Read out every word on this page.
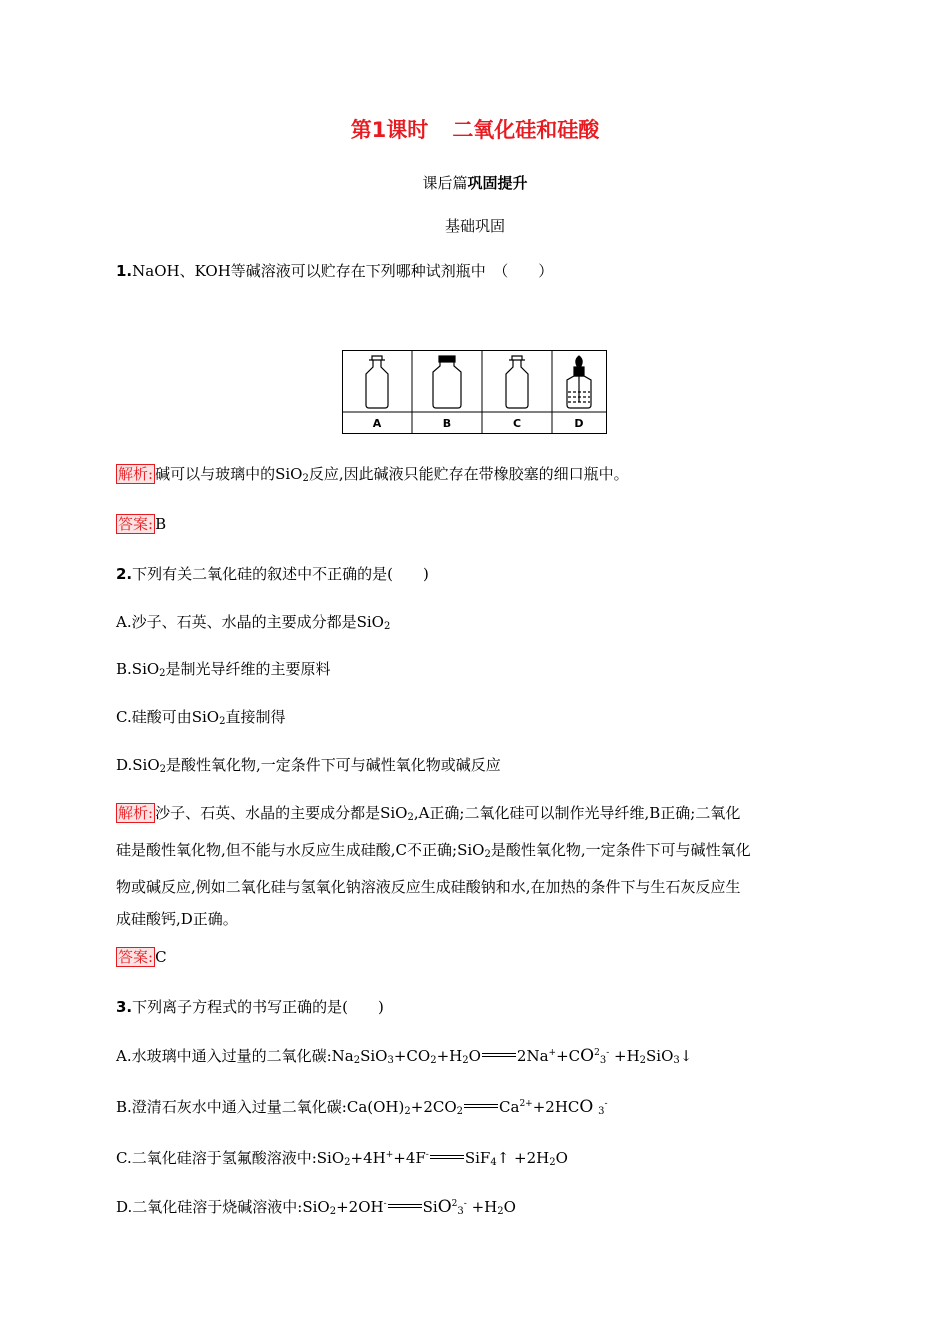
第1课时 二氧化硅和硅酸
课后篇巩固提升
基础巩固
1.NaOH、KOH等碱溶液可以贮存在下列哪种试剂瓶中　（　　）
A	B	C	D
解析: 碱可以与玻璃中的SiO$_2$反应,因此碱液只能贮存在带橡胶塞的细口瓶中。
答案: B
2.下列有关二氧化硅的叙述中不正确的是(　　)
A.沙子、石英、水晶的主要成分都是SiO$_2$
B.SiO$_2$是制光导纤维的主要原料
C.硅酸可由SiO$_2$直接制得
D.SiO$_2$是酸性氧化物,一定条件下可与碱性氧化物或碱反应
解析: 沙子、石英、水晶的主要成分都是SiO$_2$,A正确;二氧化硅可以制作光导纤维,B正确;二氧化
硅是酸性氧化物,但不能与水反应生成硅酸,C不正确;SiO$_2$是酸性氧化物,一定条件下可与碱性氧化
物或碱反应,例如二氧化硅与氢氧化钠溶液反应生成硅酸钠和水,在加热的条件下与生石灰反应生
成硅酸钙,D正确。
答案: C
3.下列离子方程式的书写正确的是(　　)
A.水玻璃中通入过量的二氧化碳$:Na_2SiO_3+CO_2+H_2O$ $2Na^++CO^2_3^-$ $+H_2SiO_3↓$
B.澄清石灰水中通入过量二氧化碳$:Ca(OH)_2+2CO_2$ $Ca^{2+}+2HCO$ $_3$-
C.二氧化硅溶于氢氟酸溶液中:SiO$_2$+4H++4F- SiF$_4$↑ $+2H_2O$
D.二氧化硅溶于烧碱溶液中:SiO$_2$+2OH- $SiO^2_3^- +H_2O$
